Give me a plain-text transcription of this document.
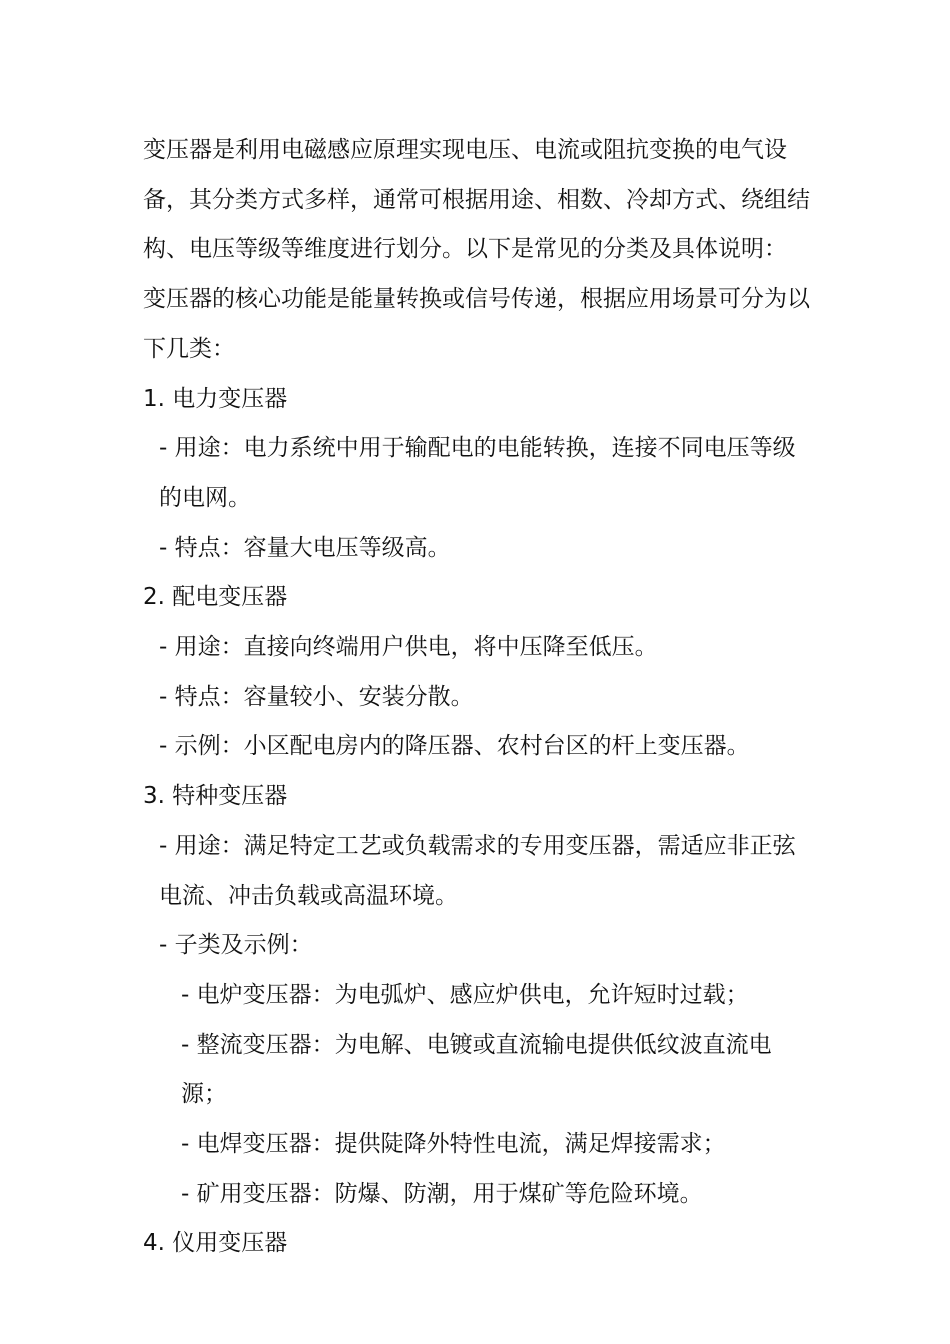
变压器是利用电磁感应原理实现电压、电流或阻抗变换的电气设备，其分类方式多样，通常可根据用途、相数、冷却方式、绕组结构、电压等级等维度进行划分。以下是常见的分类及具体说明：

变压器的核心功能是能量转换或信号传递，根据应用场景可分为以下几类：

1. 电力变压器

- 用途：电力系统中用于输配电的电能转换，连接不同电压等级的电网。

- 特点：容量大电压等级高。

2. 配电变压器

- 用途：直接向终端用户供电，将中压降至低压。

- 特点：容量较小、安装分散。

- 示例：小区配电房内的降压器、农村台区的杆上变压器。

3. 特种变压器

- 用途：满足特定工艺或负载需求的专用变压器，需适应非正弦电流、冲击负载或高温环境。

- 子类及示例：

- 电炉变压器：为电弧炉、感应炉供电，允许短时过载；

- 整流变压器：为电解、电镀或直流输电提供低纹波直流电源；

- 电焊变压器：提供陡降外特性电流，满足焊接需求；

- 矿用变压器：防爆、防潮，用于煤矿等危险环境。

4. 仪用变压器
